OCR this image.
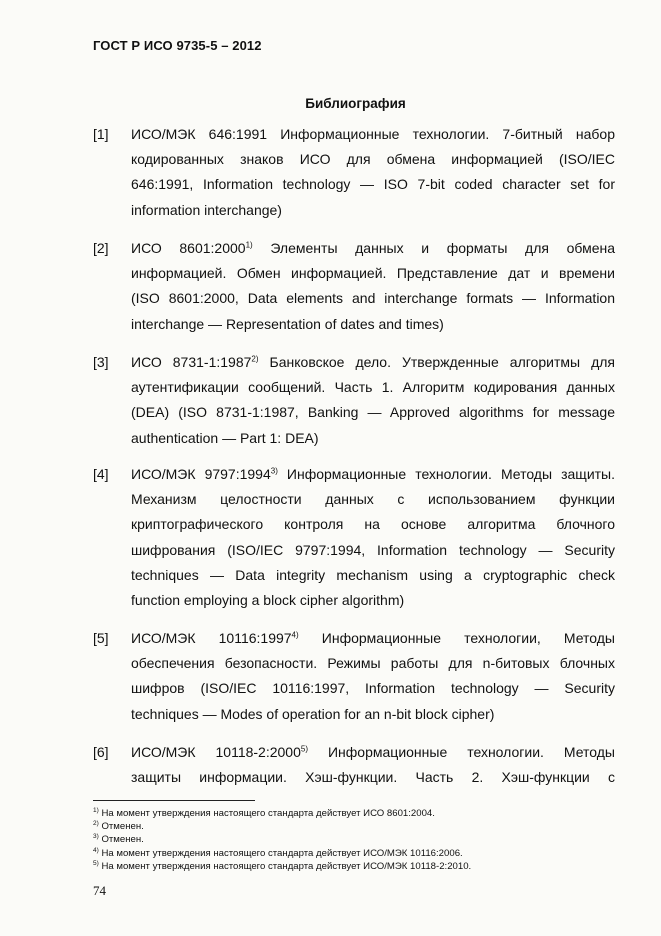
ГОСТ Р ИСО 9735-5 – 2012
Библиография
[1] ИСО/МЭК 646:1991 Информационные технологии. 7-битный набор
кодированных знаков ИСО для обмена информацией (ISO/IEC
646:1991, Information technology — ISO 7-bit coded character set for
information interchange)
[2] ИСО 8601:2000$^{1)}$ Элементы данных и форматы для обмена
информацией. Обмен информацией. Представление дат и времени
(ISO 8601:2000, Data elements and interchange formats — Information
interchange — Representation of dates and times)
[3] ИСО 8731-1:1987$^{2)}$ Банковское дело. Утвержденные алгоритмы для
аутентификации сообщений. Часть 1. Алгоритм кодирования данных
(DEA) (ISO 8731-1:1987, Banking — Approved algorithms for message
authentication — Part 1: DEA)
[4] ИСО/МЭК 9797:1994$^{3)}$ Информационные технологии. Методы защиты.
Механизм целостности данных с использованием функции
криптографического контроля на основе алгоритма блочного
шифрования (ISO/IEC 9797:1994, Information technology — Security
techniques — Data integrity mechanism using a cryptographic check
function employing a block cipher algorithm)
[5] ИСО/МЭК 10116:1997$^{4)}$ Информационные технологии, Методы
обеспечения безопасности. Режимы работы для n-битовых блочных
шифров (ISO/IEC 10116:1997, Information technology — Security
techniques — Modes of operation for an n-bit block cipher)
[6] ИСО/МЭК 10118-2:2000$^{5)}$ Информационные технологии. Методы
защиты информации. Хэш-функции. Часть 2. Хэш-функции с
$^{1)}$ На момент утверждения настоящего стандарта действует ИСО 8601:2004.
$^{2)}$ Отменен.
$^{3)}$ Отменен.
$^{4)}$ На момент утверждения настоящего стандарта действует ИСО/МЭК 10116:2006.
$^{5)}$ На момент утверждения настоящего стандарта действует ИСО/МЭК 10118-2:2010.
74
